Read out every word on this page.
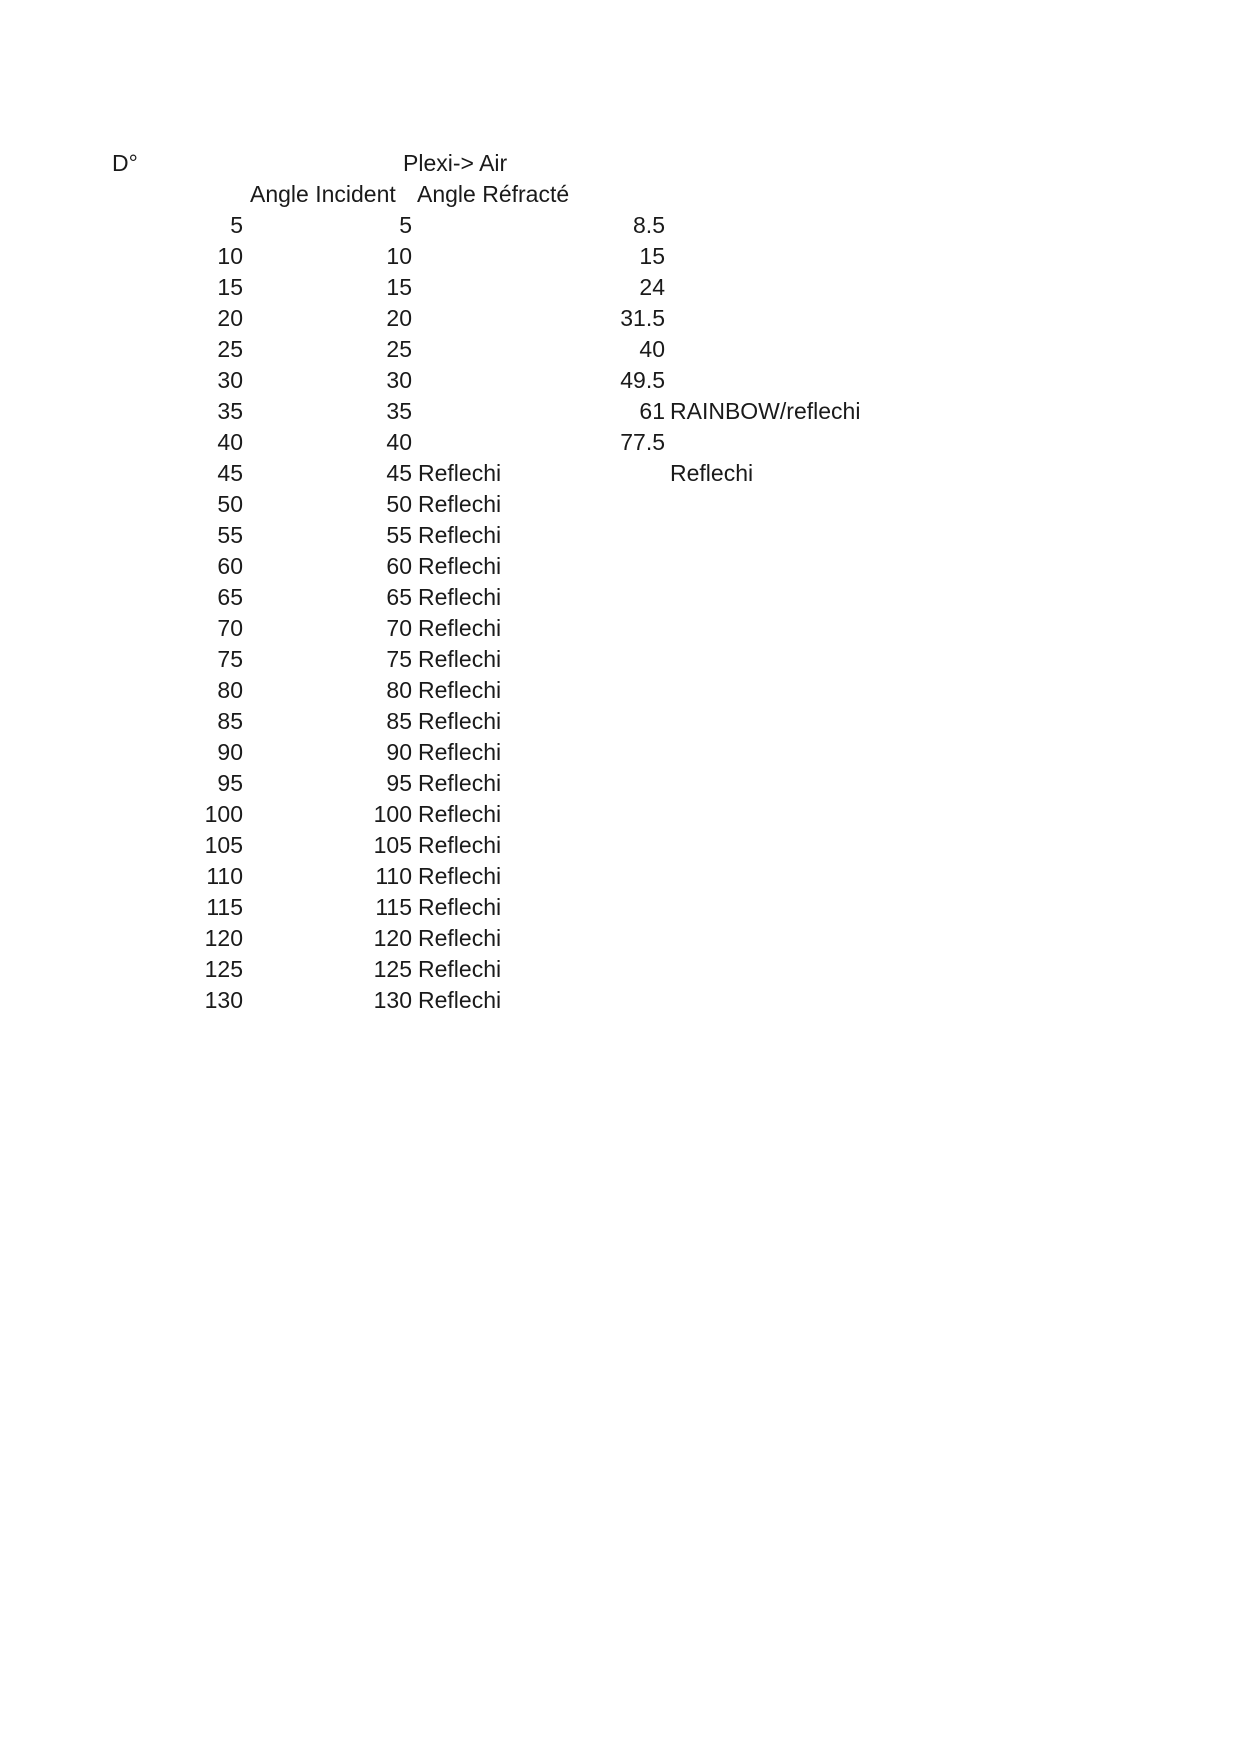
D°	Plexi-> Air
Angle Incident Angle Réfracté
5	5	8.5
10	10	15
15	15	24
20	20	31.5
25	25	40
30	30	49.5
35	35	61 RAINBOW/reflechi
40	40	77.5
45	45 Reflechi	Reflechi
50	50 Reflechi
55	55 Reflechi
60	60 Reflechi
65	65 Reflechi
70	70 Reflechi
75	75 Reflechi
80	80 Reflechi
85	85 Reflechi
90	90 Reflechi
95	95 Reflechi
100	100 Reflechi
105	105 Reflechi
110	110 Reflechi
115	115 Reflechi
120	120 Reflechi
125	125 Reflechi
130	130 Reflechi
